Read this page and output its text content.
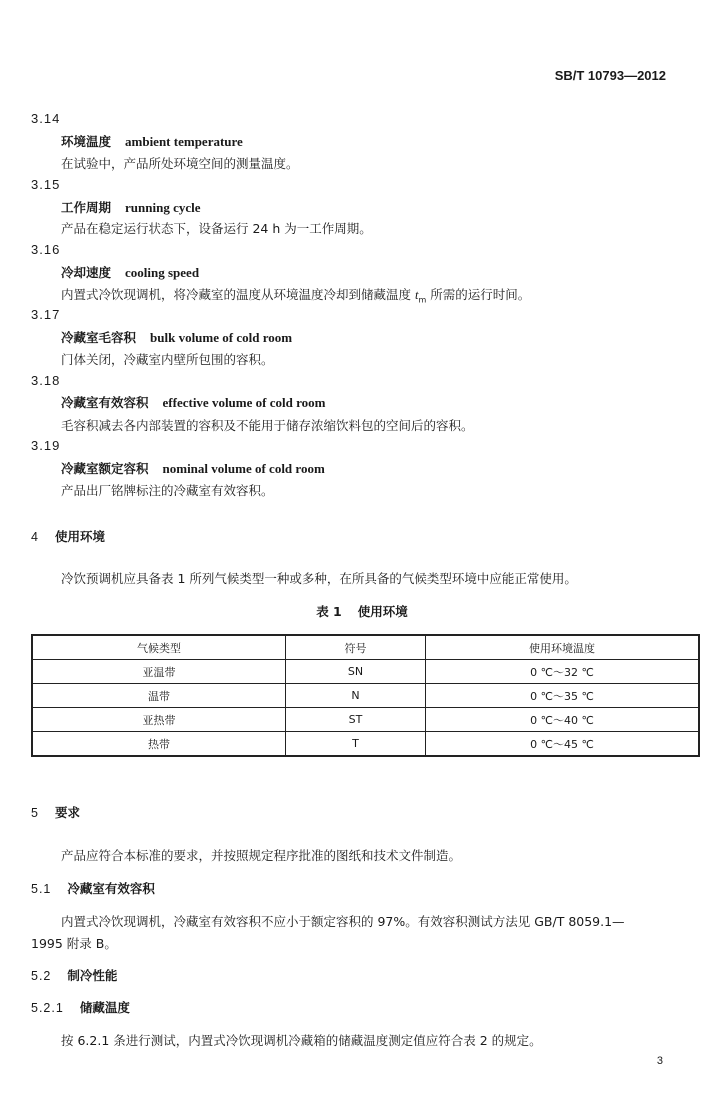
SB/T 10793—2012
3.14
环境温度 ambient temperature
在试验中，产品所处环境空间的测量温度。
3.15
工作周期 running cycle
产品在稳定运行状态下，设备运行 24 h 为一工作周期。
3.16
冷却速度 cooling speed
内置式冷饮现调机，将冷藏室的温度从环境温度冷却到储藏温度 $t_m$ 所需的运行时间。
3.17
冷藏室毛容积 bulk volume of cold room
门体关闭，冷藏室内壁所包围的容积。
3.18
冷藏室有效容积 effective volume of cold room
毛容积减去各内部装置的容积及不能用于储存浓缩饮料包的空间后的容积。
3.19
冷藏室额定容积 nominal volume of cold room
产品出厂铭牌标注的冷藏室有效容积。
4 使用环境
冷饮预调机应具备表 1 所列气候类型一种或多种，在所具备的气候类型环境中应能正常使用。
表 1 使用环境
气候类型	符号	使用环境温度
亚温带	SN	0 ℃～32 ℃
温带	N	0 ℃～35 ℃
亚热带	ST	0 ℃～40 ℃
热带	T	0 ℃～45 ℃
5 要求
产品应符合本标准的要求，并按照规定程序批准的图纸和技术文件制造。
5.1 冷藏室有效容积
内置式冷饮现调机，冷藏室有效容积不应小于额定容积的 97%。有效容积测试方法见 GB/T 8059.1—
1995 附录 B。
5.2 制冷性能
5.2.1 储藏温度
按 6.2.1 条进行测试，内置式冷饮现调机冷藏箱的储藏温度测定值应符合表 2 的规定。
3
